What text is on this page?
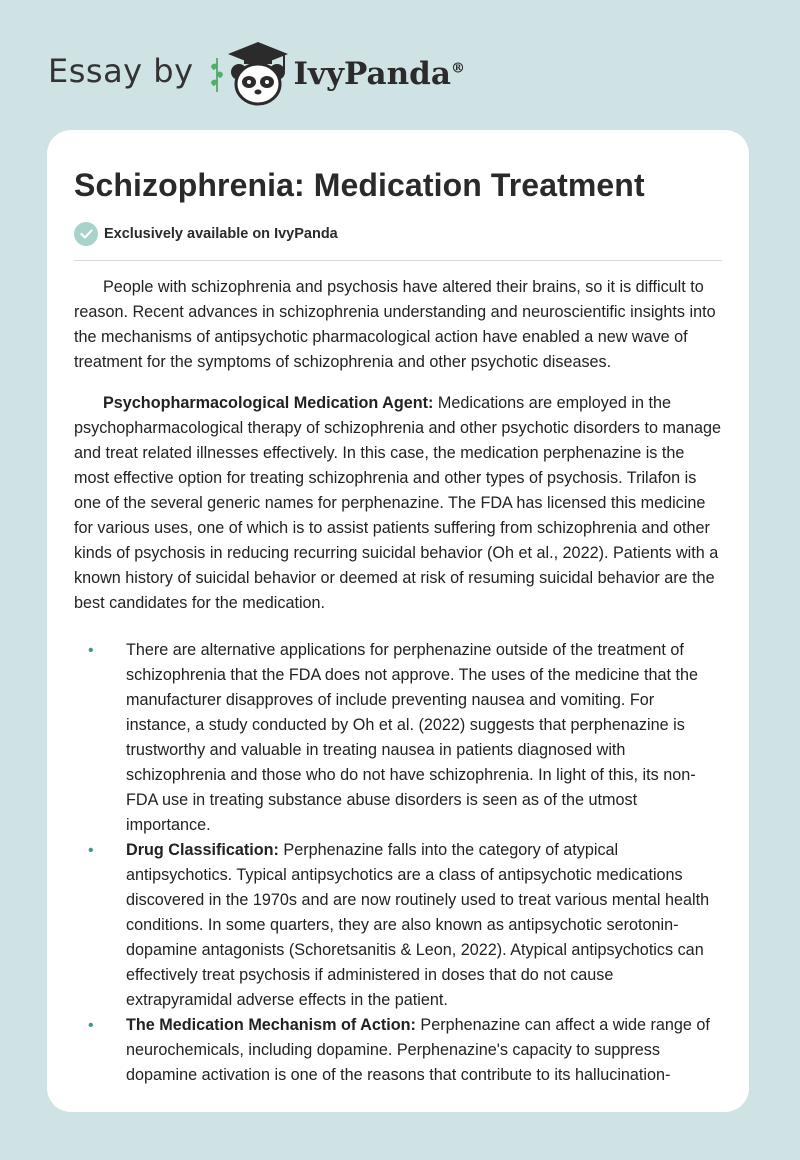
Essay by	IvyPanda®
Schizophrenia: Medication Treatment
Exclusively available on IvyPanda

People with schizophrenia and psychosis have altered their brains, so it is difficult to reason. Recent advances in schizophrenia understanding and neuroscientific insights into the mechanisms of antipsychotic pharmacological action have enabled a new wave of treatment for the symptoms of schizophrenia and other psychotic diseases.

Psychopharmacological Medication Agent: Medications are employed in the psychopharmacological therapy of schizophrenia and other psychotic disorders to manage and treat related illnesses effectively. In this case, the medication perphenazine is the most effective option for treating schizophrenia and other types of psychosis. Trilafon is one of the several generic names for perphenazine. The FDA has licensed this medicine for various uses, one of which is to assist patients suffering from schizophrenia and other kinds of psychosis in reducing recurring suicidal behavior (Oh et al., 2022). Patients with a known history of suicidal behavior or deemed at risk of resuming suicidal behavior are the best candidates for the medication.

• There are alternative applications for perphenazine outside of the treatment of schizophrenia that the FDA does not approve. The uses of the medicine that the manufacturer disapproves of include preventing nausea and vomiting. For instance, a study conducted by Oh et al. (2022) suggests that perphenazine is trustworthy and valuable in treating nausea in patients diagnosed with schizophrenia and those who do not have schizophrenia. In light of this, its non-FDA use in treating substance abuse disorders is seen as of the utmost importance.
• Drug Classification: Perphenazine falls into the category of atypical antipsychotics. Typical antipsychotics are a class of antipsychotic medications discovered in the 1970s and are now routinely used to treat various mental health conditions. In some quarters, they are also known as antipsychotic serotonin-dopamine antagonists (Schoretsanitis & Leon, 2022). Atypical antipsychotics can effectively treat psychosis if administered in doses that do not cause extrapyramidal adverse effects in the patient.
• The Medication Mechanism of Action: Perphenazine can affect a wide range of neurochemicals, including dopamine. Perphenazine's capacity to suppress dopamine activation is one of the reasons that contribute to its hallucination-
